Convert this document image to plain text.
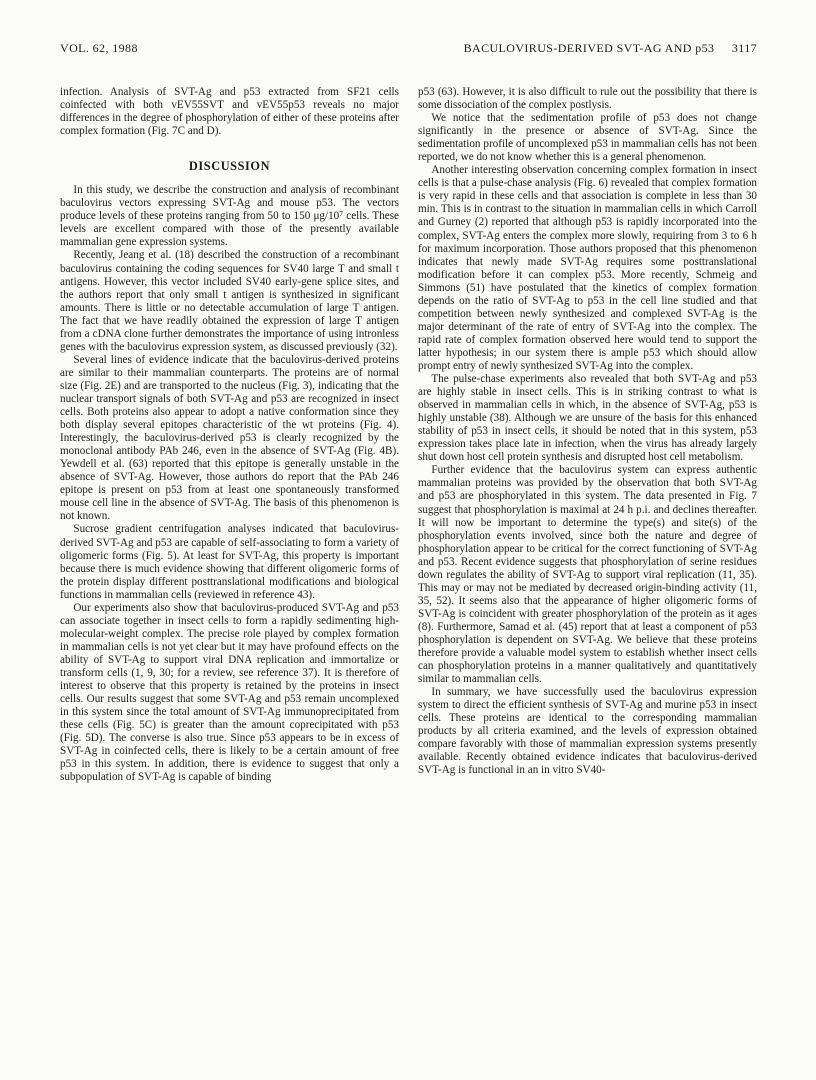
VOL. 62, 1988	BACULOVIRUS-DERIVED SVT-AG AND p53 3117

infection. Analysis of SVT-Ag and p53 extracted from SF21 cells coinfected with both vEV55SVT and vEV55p53 reveals no major differences in the degree of phosphorylation of either of these proteins after complex formation (Fig. 7C and D).

DISCUSSION

In this study, we describe the construction and analysis of recombinant baculovirus vectors expressing SVT-Ag and mouse p53. The vectors produce levels of these proteins ranging from 50 to 150 μg/10⁷ cells. These levels are excellent compared with those of the presently available mammalian gene expression systems.

Recently, Jeang et al. (18) described the construction of a recombinant baculovirus containing the coding sequences for SV40 large T and small t antigens. However, this vector included SV40 early-gene splice sites, and the authors report that only small t antigen is synthesized in significant amounts. There is little or no detectable accumulation of large T antigen. The fact that we have readily obtained the expression of large T antigen from a cDNA clone further demonstrates the importance of using intronless genes with the baculovirus expression system, as discussed previously (32).

Several lines of evidence indicate that the baculovirus-derived proteins are similar to their mammalian counterparts. The proteins are of normal size (Fig. 2E) and are transported to the nucleus (Fig. 3), indicating that the nuclear transport signals of both SVT-Ag and p53 are recognized in insect cells. Both proteins also appear to adopt a native conformation since they both display several epitopes characteristic of the wt proteins (Fig. 4). Interestingly, the baculovirus-derived p53 is clearly recognized by the monoclonal antibody PAb 246, even in the absence of SVT-Ag (Fig. 4B). Yewdell et al. (63) reported that this epitope is generally unstable in the absence of SVT-Ag. However, those authors do report that the PAb 246 epitope is present on p53 from at least one spontaneously transformed mouse cell line in the absence of SVT-Ag. The basis of this phenomenon is not known.

Sucrose gradient centrifugation analyses indicated that baculovirus-derived SVT-Ag and p53 are capable of self-associating to form a variety of oligomeric forms (Fig. 5). At least for SVT-Ag, this property is important because there is much evidence showing that different oligomeric forms of the protein display different posttranslational modifications and biological functions in mammalian cells (reviewed in reference 43).

Our experiments also show that baculovirus-produced SVT-Ag and p53 can associate together in insect cells to form a rapidly sedimenting high-molecular-weight complex. The precise role played by complex formation in mammalian cells is not yet clear but it may have profound effects on the ability of SVT-Ag to support viral DNA replication and immortalize or transform cells (1, 9, 30; for a review, see reference 37). It is therefore of interest to observe that this property is retained by the proteins in insect cells. Our results suggest that some SVT-Ag and p53 remain uncomplexed in this system since the total amount of SVT-Ag immunoprecipitated from these cells (Fig. 5C) is greater than the amount coprecipitated with p53 (Fig. 5D). The converse is also true. Since p53 appears to be in excess of SVT-Ag in coinfected cells, there is likely to be a certain amount of free p53 in this system. In addition, there is evidence to suggest that only a subpopulation of SVT-Ag is capable of binding

p53 (63). However, it is also difficult to rule out the possibility that there is some dissociation of the complex postlysis.

We notice that the sedimentation profile of p53 does not change significantly in the presence or absence of SVT-Ag. Since the sedimentation profile of uncomplexed p53 in mammalian cells has not been reported, we do not know whether this is a general phenomenon.

Another interesting observation concerning complex formation in insect cells is that a pulse-chase analysis (Fig. 6) revealed that complex formation is very rapid in these cells and that association is complete in less than 30 min. This is in contrast to the situation in mammalian cells in which Carroll and Gurney (2) reported that although p53 is rapidly incorporated into the complex, SVT-Ag enters the complex more slowly, requiring from 3 to 6 h for maximum incorporation. Those authors proposed that this phenomenon indicates that newly made SVT-Ag requires some posttranslational modification before it can complex p53. More recently, Schmeig and Simmons (51) have postulated that the kinetics of complex formation depends on the ratio of SVT-Ag to p53 in the cell line studied and that competition between newly synthesized and complexed SVT-Ag is the major determinant of the rate of entry of SVT-Ag into the complex. The rapid rate of complex formation observed here would tend to support the latter hypothesis; in our system there is ample p53 which should allow prompt entry of newly synthesized SVT-Ag into the complex.

The pulse-chase experiments also revealed that both SVT-Ag and p53 are highly stable in insect cells. This is in striking contrast to what is observed in mammalian cells in which, in the absence of SVT-Ag, p53 is highly unstable (38). Although we are unsure of the basis for this enhanced stability of p53 in insect cells, it should be noted that in this system, p53 expression takes place late in infection, when the virus has already largely shut down host cell protein synthesis and disrupted host cell metabolism.

Further evidence that the baculovirus system can express authentic mammalian proteins was provided by the observation that both SVT-Ag and p53 are phosphorylated in this system. The data presented in Fig. 7 suggest that phosphorylation is maximal at 24 h p.i. and declines thereafter. It will now be important to determine the type(s) and site(s) of the phosphorylation events involved, since both the nature and degree of phosphorylation appear to be critical for the correct functioning of SVT-Ag and p53. Recent evidence suggests that phosphorylation of serine residues down regulates the ability of SVT-Ag to support viral replication (11, 35). This may or may not be mediated by decreased origin-binding activity (11, 35, 52). It seems also that the appearance of higher oligomeric forms of SVT-Ag is coincident with greater phosphorylation of the protein as it ages (8). Furthermore, Samad et al. (45) report that at least a component of p53 phosphorylation is dependent on SVT-Ag. We believe that these proteins therefore provide a valuable model system to establish whether insect cells can phosphorylation proteins in a manner qualitatively and quantitatively similar to mammalian cells.

In summary, we have successfully used the baculovirus expression system to direct the efficient synthesis of SVT-Ag and murine p53 in insect cells. These proteins are identical to the corresponding mammalian products by all criteria examined, and the levels of expression obtained compare favorably with those of mammalian expression systems presently available. Recently obtained evidence indicates that baculovirus-derived SVT-Ag is functional in an in vitro SV40-
